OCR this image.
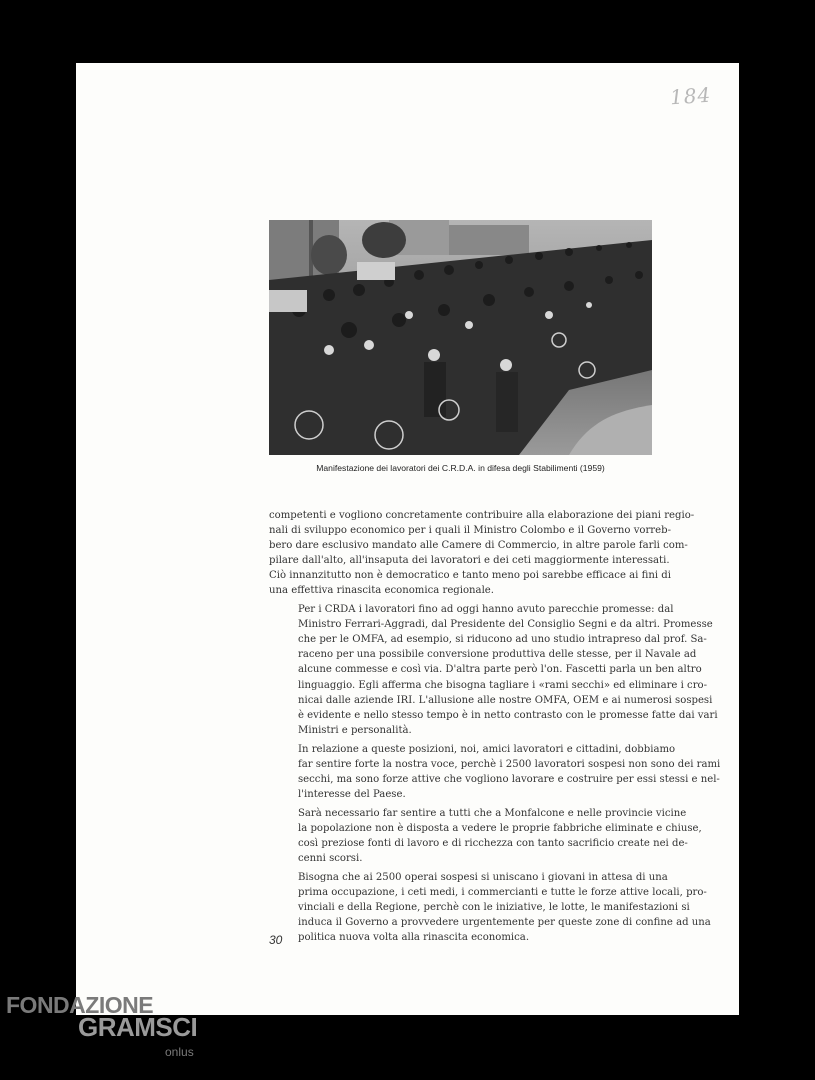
184
Manifestazione dei lavoratori dei C.R.D.A. in difesa degli Stabilimenti (1959)

competenti e vogliono concretamente contribuire alla elaborazione dei piani regio-
nali di sviluppo economico per i quali il Ministro Colombo e il Governo vorreb-
bero dare esclusivo mandato alle Camere di Commercio, in altre parole farli com-
pilare dall'alto, all'insaputa dei lavoratori e dei ceti maggiormente interessati.
Ciò innanzitutto non è democratico e tanto meno poi sarebbe efficace ai fini di
una effettiva rinascita economica regionale.

Per i CRDA i lavoratori fino ad oggi hanno avuto parecchie promesse: dal
Ministro Ferrari-Aggradi, dal Presidente del Consiglio Segni e da altri. Promesse
che per le OMFA, ad esempio, si riducono ad uno studio intrapreso dal prof. Sa-
raceno per una possibile conversione produttiva delle stesse, per il Navale ad
alcune commesse e così via. D'altra parte però l'on. Fascetti parla un ben altro
linguaggio. Egli afferma che bisogna tagliare i «rami secchi» ed eliminare i cro-
nicai dalle aziende IRI. L'allusione alle nostre OMFA, OEM e ai numerosi sospesi
è evidente e nello stesso tempo è in netto contrasto con le promesse fatte dai vari
Ministri e personalità.

In relazione a queste posizioni, noi, amici lavoratori e cittadini, dobbiamo
far sentire forte la nostra voce, perchè i 2500 lavoratori sospesi non sono dei rami
secchi, ma sono forze attive che vogliono lavorare e costruire per essi stessi e nel-
l'interesse del Paese.

Sarà necessario far sentire a tutti che a Monfalcone e nelle provincie vicine
la popolazione non è disposta a vedere le proprie fabbriche eliminate e chiuse,
così preziose fonti di lavoro e di ricchezza con tanto sacrificio create nei de-
cenni scorsi.

Bisogna che ai 2500 operai sospesi si uniscano i giovani in attesa di una
prima occupazione, i ceti medi, i commercianti e tutte le forze attive locali, pro-
vinciali e della Regione, perchè con le iniziative, le lotte, le manifestazioni si
induca il Governo a provvedere urgentemente per queste zone di confine ad una
politica nuova volta alla rinascita economica.

30
FONDAZIONE
GRAMSCI
onlus
